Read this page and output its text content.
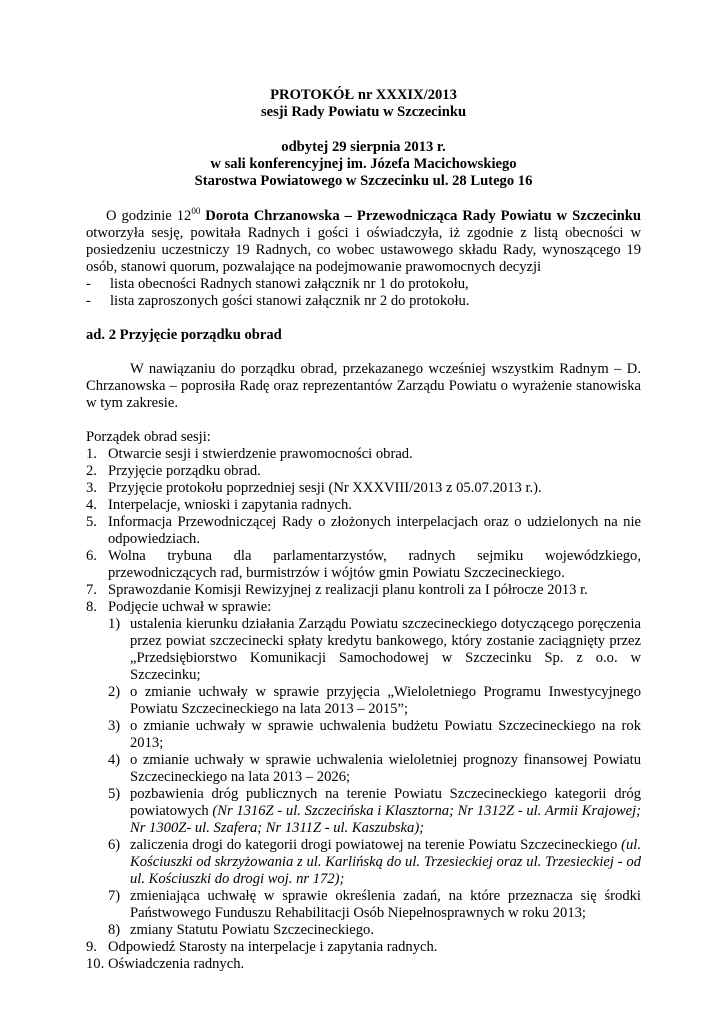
PROTOKÓŁ nr XXXIX/2013
sesji Rady Powiatu w Szczecinku
odbytej 29 sierpnia 2013 r.
w sali konferencyjnej im. Józefa Macichowskiego
Starostwa Powiatowego w Szczecinku ul. 28 Lutego 16

O godzinie $12^{00}$ Dorota Chrzanowska – Przewodnicząca Rady Powiatu w Szczecinku otworzyła sesję, powitała Radnych i gości i oświadczyła, iż zgodnie z listą obecności w posiedzeniu uczestniczy 19 Radnych, co wobec ustawowego składu Rady, wynoszącego 19 osób, stanowi quorum, pozwalające na podejmowanie prawomocnych decyzji

-	lista obecności Radnych stanowi załącznik nr 1 do protokołu,
-	lista zaproszonych gości stanowi załącznik nr 2 do protokołu.
ad. 2 Przyjęcie porządku obrad

W nawiązaniu do porządku obrad, przekazanego wcześniej wszystkim Radnym – D. Chrzanowska – poprosiła Radę oraz reprezentantów Zarządu Powiatu o wyrażenie stanowiska w tym zakresie.

Porządek obrad sesji:
1. Otwarcie sesji i stwierdzenie prawomocności obrad.
2. Przyjęcie porządku obrad.
3. Przyjęcie protokołu poprzedniej sesji (Nr XXXVIII/2013 z 05.07.2013 r.).
4. Interpelacje, wnioski i zapytania radnych.
5. Informacja Przewodniczącej Rady o złożonych interpelacjach oraz o udzielonych na nie odpowiedziach.
6. Wolna trybuna dla parlamentarzystów, radnych sejmiku wojewódzkiego, przewodniczących rad, burmistrzów i wójtów gmin Powiatu Szczecineckiego.
7. Sprawozdanie Komisji Rewizyjnej z realizacji planu kontroli za I półrocze 2013 r.
8. Podjęcie uchwał w sprawie:
1) ustalenia kierunku działania Zarządu Powiatu szczecineckiego dotyczącego poręczenia przez powiat szczecinecki spłaty kredytu bankowego, który zostanie zaciągnięty przez „Przedsiębiorstwo Komunikacji Samochodowej w Szczecinku Sp. z o.o. w Szczecinku;
2) o zmianie uchwały w sprawie przyjęcia „Wieloletniego Programu Inwestycyjnego Powiatu Szczecineckiego na lata 2013 – 2015”;
3) o zmianie uchwały w sprawie uchwalenia budżetu Powiatu Szczecineckiego na rok 2013;
4) o zmianie uchwały w sprawie uchwalenia wieloletniej prognozy finansowej Powiatu Szczecineckiego na lata 2013 – 2026;
5) pozbawienia dróg publicznych na terenie Powiatu Szczecineckiego kategorii dróg powiatowych (Nr 1316Z - ul. Szczecińska i Klasztorna; Nr 1312Z - ul. Armii Krajowej; Nr 1300Z- ul. Szafera; Nr 1311Z - ul. Kaszubska);
6) zaliczenia drogi do kategorii drogi powiatowej na terenie Powiatu Szczecineckiego (ul. Kościuszki od skrzyżowania z ul. Karlińską do ul. Trzesieckiej oraz ul. Trzesieckiej - od ul. Kościuszki do drogi woj. nr 172);
7) zmieniająca uchwałę w sprawie określenia zadań, na które przeznacza się środki Państwowego Funduszu Rehabilitacji Osób Niepełnosprawnych w roku 2013;
8) zmiany Statutu Powiatu Szczecineckiego.
9. Odpowiedź Starosty na interpelacje i zapytania radnych.
10. Oświadczenia radnych.
